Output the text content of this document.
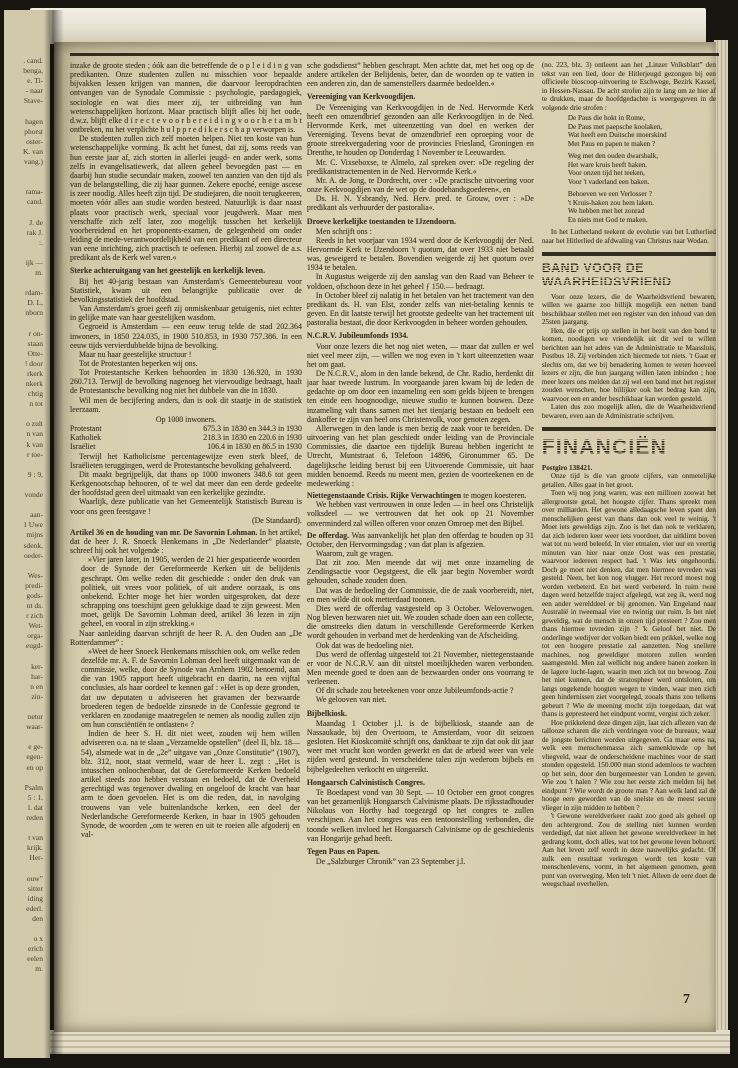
. cand.
benga,
e. Ti-
- naar
Stave-

hagen
phorst
oster-
K. van
vang.)

rama-
cand.

J. de
rak J.
:.

ijk —
m.

rdam-
D. L,
nborn

r on-
staan
Otte-
! door
rkerk
nkerk
chtig
n tot

o zult
n van
k van
r toe-

9 : 9,

vonde

aan-
1 Uwe
mijns
sdenk,
oeder-

Wes-
predi-
gods-
nt ds.
r zich
Wet-
orga-
eugd-

ker-
har-
n en
zin-

netor
waar-

e ge-
egen-
en op

Psalm
5 : 1.
l. dat
reden

t van
krijk.
Her-

ouw”
sitter
iding
ederl.
den

o x
erich
eelen
m.

inzake de groote steden ; óók aan die betreffende de o p l e i d i n g van predikanten. Onze studenten zullen nu misschien voor bepaalde bijvakken lessen krijgen van mannen, die daarvoor leeropdrachten ontvangen van de Synodale Commissie : psychologie, paedagogiek, sociologie en wat dies meer zij, ter uitbreiding van hun wetenschappelijken horizont. Maar practisch blijft alles bij het oude, d.w.z. blijft elke d i r e c t e v o o r b e r e i d i n g v o o r h e t a m b t ontbreken, nu het verplichte h u l p p r e d i k e r s c h a p verworpen is.

De studenten zullen zich zelf moeten helpen. Niet ten koste van hun wetenschappelijke vorming. Ik acht het funest, dat zij, soms reeds van hun eerste jaar af, zich storten in allerlei jeugd- en ander werk, soms zelfs in evangelisatiewerk, dat alleen geheel bevoegden past — en daarbij hun studie secundair maken, zoowel ten aanzien van den tijd als van de belangstelling, die zij haar gunnen. Zekere epoché, eenige ascese is zeer noodig. Alles heeft zijn tijd. De studiejaren, die nooit terugkeeren, moeten vóór alles aan studie worden besteed. Natuurlijk is daar naast plaats voor practisch werk, speciaal voor jeugdwerk. Maar men verschaffe zich zelf later, zoo mogelijk tusschen het kerkelijk voorbereidend en het proponents-examen, de gelegenheid om onder leiding de mede-verantwoordelijkheid van een predikant of een directeur van eene inrichting, zich practisch te oefenen. Hierbij zal zoowel de a.s. predikant als de Kerk wel varen.«

Sterke achteruitgang van het geestelijk en kerkelijk leven.

Bij het 40-jarig bestaan van Amsterdam's Gemeentebureau voor Statistiek, kwam uit een belangrijke publicatie over de bevolkingsstatistiek der hoofdstad.

Van Amsterdam's groei geeft zij onmiskenbaar getuigenis, niet echter in gelijke mate van haar geestelijken wasdom.

Gegroeid is Amsterdam — een eeuw terug telde de stad 202.364 inwoners, in 1850 224.035, in 1900 510.853, in 1930 757.386. In een eeuw tijds vervierdubbelde bijna de bevolking.

Maar nu haar geestelijke structuur !

Tot de Protestanten beperken wij ons.

Tot Protestantsche Kerken behoorden in 1830 136.920, in 1930 260.713. Terwijl de bevolking nagenoeg het viervoudige bedraagt, haalt de Protestantsche bevolking nog niet het dubbele van die in 1830.

Wil men de becijfering anders, dan is ook dit staatje in de statistiek leerzaam.

Op 1000 inwoners.

Protestant	675.3 in 1830 en 344.3 in 1930
Katholiek	218.3 in 1830 en 220.6 in 1930
Israëliet	106.4 in 1830 en 86.5 in 1930

Terwijl het Katholicisme percentagewijze even sterk bleef, de Israëlieten teruggingen, werd de Protestantsche bevolking gehalveerd.

Dit maakt begrijpelijk, dat thans op 1000 inwoners 348.6 tot geen Kerkgenootschap behooren, of te wel dat meer dan een derde gedeelte der hoofdstad geen deel uitmaakt van een kerkelijke gezindte.

Waarlijk, deze publicatie van het Gemeentelijk Statistisch Bureau is voor ons geen feestgave !

(De Standaard).

Artikel 36 en de houding van mr. De Savornin Lohman. In het artikel, dat de heer J. R. Snoeck Henkemans in „De Nederlander” plaatste, schreef hij ook het volgende :

»Vier jaren later, in 1905, werden de 21 hier gespatieerde woorden door de Synode der Gereformeerde Kerken uit de belijdenis geschrapt. Om welke reden dit geschiedde : onder den druk van politiek, uit vrees voor politiek, of uit andere oorzaak, is ons onbekend. Echter moge het hier worden uitgesproken, dat deze schrapping ons toeschijnt geen gelukkige daad te zijn geweest. Men moet, gelijk De Savornin Lohman deed, artikel 36 lezen in zijn geheel, en vooral in zijn strekking.«

Naar aanleiding daarvan schrijft de heer R. A. den Ouden aan „De Rotterdammer” :

»Weet de heer Snoeck Henkemans misschien ook, om welke reden dezelfde mr. A. F. de Savornin Lohman deel heeft uitgemaakt van de commissie, welke, door de Synode van Arnhem 1902 benoemd, aan die van 1905 rapport heeft uitgebracht en daarin, na een vijftal conclusies, als haar oordeel te kennen gaf : »Het is op deze gronden, dat uw deputaten u adviseeren het gravamen der bezwaarde broederen tegen de bedoelde zinsnede in de Confessie gegrond te verklaren en zoodanige maatregelen te nemen als noodig zullen zijn om hun consciëntiën te ontlasten« ?

Indien de heer S. H. dit niet weet, zouden wij hem willen adviseeren o.a. na te slaan „Verzamelde opstellen” (deel II, blz. 18—54), alsmede wat in de „2e” uitgave van „Onze Constitutie” (1907), blz. 312, noot, staat vermeld, waar de heer L. zegt : „Het is intusschen onloochenbaar, dat de Gereformeerde Kerken bedoeld artikel steeds zoo hebben verstaan en bedoeld, dat de Overheid gerechtigd was tegenover dwaling en ongeloof de kracht van haar arm te doen gevoelen. Het is om die reden, dat, in navolging trouwens van vele buitenlandsche kerken, een deel der Nederlandsche Gereformeerde Kerken, in haar in 1905 gehouden Synode, de woorden „om te weren en uit te roeien alle afgoderij en val-

sche godsdienst” hebben geschrapt. Men achtte dat, met het oog op de andere artikelen der Belijdenis, beter, dan de woorden op te vatten in een anderen zin, dan de samenstellers daarmée bedoelden.«

Vereeniging van Kerkvoogdijen.

De Vereeniging van Kerkvoogdijen in de Ned. Hervormde Kerk heeft een omzendbrief gezonden aan alle Kerkvoogdijen in de Ned. Hervormde Kerk, met uiteenzetting van doel en werken der Vereeniging. Tevens bevat de omzendbrief een oproeping voor de groote streekvergadering voor de provincies Friesland, Groningen en Drenthe, te houden op Donderdag 1 November te Leeuwarden.

Mr. C. Vixseboxse, te Almelo, zal spreken over: »De regeling der predikantstractementen in de Ned. Hervormde Kerk.«

Mr. A. de Jong, te Dordrecht, over : »De practische uitvoering voor onze Kerkvoogdijen van de wet op de doodehandsgoederen«, en

Ds. H. N. Ysbrandy, Ned. Herv. pred. te Grouw, over : »De predikant als verhuurder der pastoralia«.

Droeve kerkelijke toestanden te IJzendoorn.

Men schrijft ons :

Reeds in het voorjaar van 1934 werd door de Kerkvoogdij der Ned. Hervormde Kerk te IJzendoorn 't quotum, dat over 1933 niet betaald was, geweigerd te betalen. Bovendien weigerde zij het quotum over 1934 te betalen.

In Augustus weigerde zij den aanslag van den Raad van Beheer te voldoen, ofschoon deze in het geheel ƒ 150.— bedraagt.

In October bleef zij nalatig in het betalen van het tractement van den predikant ds. H. van Elst, zonder zelfs van niet-betaling kennis te geven. En dit laatste terwijl het grootste gedeelte van het tractement uit pastoralia bestaat, die door Kerkvoogden in beheer worden gehouden.

N.C.R.V. Jubileumfonds 1934.

Voor onze lezers die het nog niet weten, — maar dat zullen er wel niet veel meer zijn, — willen we nog even in 't kort uiteenzetten waar het om gaat.

De N.C.R.V., alom in den lande bekend, de Chr. Radio, herdenkt dit jaar haar tweede lustrum. In voorgaande jaren kwam bij de leden de gedachte op om door een inzameling een som gelds bijeen te brengen ten einde een hoognoodige, nieuwe studio te kunnen bouwen. Deze inzameling valt thans samen met het tienjarig bestaan en bedoelt een dankoffer te zijn van heel ons Christenvolk, voor genoten zegen.

Allerwegen in den lande is men bezig de zaak voor te bereiden. De uitvoering van het plan geschiedt onder leiding van de Provinciale Commissies, die daartoe een tijdelijk Bureau hebben ingericht te Utrecht, Muntstraat 6, Telefoon 14896, Gironummer 65. De dagelijksche leiding berust bij een Uitvoerende Commissie, uit haar midden benoemd. Reeds nu meent men, gezien de voorteekenen en de medewerking :

Niettegenstaande Crisis. Rijke Verwachtingen te mogen koesteren.

We hebben vast vertrouwen in onze leden — in heel ons Christelijk volksdeel — we vertrouwen dat het ook op 21 November onverminderd zal willen offeren voor onzen Omroep met den Bijbel.

De offerdag. Was aanvankelijk het plan den offerdag te houden op 31 October, den Hervormingsdag ; van dat plan is afgezien.

Waarom, zult ge vragen.

Dat zit zoo. Men meende dat wij met onze inzameling de Zendingsactie voor Oegstgeest, die elk jaar begin November wordt gehouden, schade zouden doen.

Dat was de bedoeling der Commissie, die de zaak voorbereidt, niet, en men wilde dit ook metterdaad toonen.

Dies werd de offerdag vastgesteld op 3 October. Weloverwogen. Nog bleven bezwaren niet uit. We zouden schade doen aan een collecte, die omstreeks dien datum in verschillende Gereformeerde Kerken wordt gehouden in verband met de herdenking van de Afscheiding.

Ook dat was de bedoeling niet.

Dus werd de offerdag uitgesteld tot 21 November, niettegenstaande er voor de N.C.R.V. aan dit uitstel moeilijkheden waren verbonden. Men meende goed te doen aan de bezwaarden onder ons voorrang te verleenen.

Of dit schade zou beteekenen voor onze Jubileumfonds-actie ?

We gelooven van niet.

Bijbelkiosk.

Maandag 1 October j.l. is de bijbelkiosk, staande aan de Nassaukade, bij den Overtoom, te Amsterdam, voor dit seizoen gesloten. Het Kioskcomité schrijft ons, dankbaar te zijn dat ook dit jaar weer met vrucht kon worden gewerkt en dat de arbeid weer van vele zijden werd gesteund. In verscheidene talen zijn wederom bijbels en bijbelgedeelten verkocht en uitgereikt.

Hongaarsch Calvinistisch Congres.

Te Boedapest vond van 30 Sept. — 10 October een groot congres van het gezamenlijk Hongaarsch Calvinisme plaats. De rijksstadhouder Nikolaus von Horthy had toegezegd op het congres te zullen verschijnen. Aan het congres was een tentoonstelling verbonden, die toonde welken invloed het Hongaarsch Calvinisme op de geschiedenis van Hongarije gehad heeft.

Tegen Paus en Papen.

De „Salzburger Chronik” van 23 September j.l.

(no. 223, blz. 3) ontleent aan het „Linzer Volksblatt” den tekst van een lied, door de Hitlerjeugd gezongen bij een officieele bioscoop-uitvoering te Eschwege, Bezirk Kassel, in Hessen-Nassau. De acht strofen zijn te lang om ze hier af te drukken, maar de hoofdgedachte is weergegeven in de volgende drie strofen :

De Paus die hokt in Rome,
De Paus met paepsche koolaken,
Wat heeft een Duitsche moerskind
Met Paus en papen te maken ?
Weg met den ouden dwarsbalk,
Het ware kruis heeft haken.
Voor onzen tijd het teeken,
Voor 't vaderland een baken.
Behoeven we een Verlosser ?
't Kruis-haken zou hem laken.
We hebben met het zonrad
En niets met God te maken.

In het Lutherland teekent de evolutie van het Lutherlied naar het Hitlerlied de afdwaling van Christus naar Wodan.

BAND VOOR DE WAARHEIDSVRIEND

Voor onze lezers, die de Waarheidsvriend bewaren, willen we gaarne zoo billijk mogelijk een netten band beschikbaar stellen met een register van den inhoud van den 25sten jaargang.

Hen, die er prijs op stellen in het bezit van den band te komen, noodigen we vriendelijk uit dit wel te willen berichten aan het adres van de Administratie te Maassluis, Postbus 18. Zij verbinden zich hiermede tot niets. 't Gaat er slechts om, dat we bij benadering komen te weten hoeveel lezers er zijn, die hun jaargang willen laten inbinden ; hoe meer lezers ons melden dat zij wel een band met het register zouden wenschen, hoe billijker ook het bedrag kan zijn, waarvoor een en ander beschikbaar kan worden gesteld.

Laten dus zoo mogelijk allen, die de Waarheidsvriend bewaren, even aan de Administratie schrijven.

FINANCIËN

Postgiro 138421.

Onze tijd is die van groote cijfers, van onmetelijke getallen. Alles gaat in het groot.

Toen wij nog jong waren, was een millioen zoowat het allergrootste getal, het hoogste cijfer. Thans spreekt men over milliarden. Het gewone alledaagsche leven spant den menschelijken geest van thans dan ook veel te weinig. 't Moet iets geweldigs zijn. Zoo is het dan ook te verklaren, dat zich iederen keer weer iets voordoet, dat uitklimt boven wat tot nu werd beleefd. In vier etmalen, vier uur en veertig minuten van hier naar onze Oost was een prestatie, waarvoor iedereen respect had. 't Was iets ongehoords. Doch ge moet niet denken, dat men hiermee tevreden was gesteld. Neen, het kon nog vlugger. Het record moest nog worden verbeterd. En het werd verbeterd. In ruim twee dagen werd hetzelfde traject afgelegd, wat zeg ik, werd nog een ander werelddeel er bij genomen. Van Engeland naar Australië in tweemaal vier en twintig uur ruim. Is het niet geweldig, wat de mensch in onzen tijd presteert ? Zou men thans hiermee tevreden zijn ? 'k Geloof het niet. De onderlinge wedijver der volken biedt een prikkel, welke nog tot een hoogere prestatie zal aanzetten. Nog snellere machines, nog geweldiger motoren zullen worden saamgesteld. Men zal wellicht nog andere banen zoeken in de lagere lucht-lagen, waarin men zich tot nu bewoog. Zou het niet kunnen, dat de stratospheer werd ontsloten, om langs ongekende hoogten wegen te vinden, waar men zich geen hindernissen ziet voorgelegd, zooals thans zoo telkens gebeurt ? Wie de meening mocht zijn toegedaan, dat wat thans is gepresteerd het eindpunt vormt, vergist zich zeker.

Hoe prikkelend deze dingen zijn, laat zich aflezen van de tallooze scharen die zich verdringen voor de bureaux, waar de jongste berichten worden uitgegeven. Ga maar eens na, welk een menschenmassa zich samenkluwde op het vliegveld, waar de onderscheidene machines voor de start stonden opgesteld. 150.000 man stond ademloos te wachten op het sein, door den burgemeester van Londen te geven. Wie zou 't halen ? Wie zou het eerste zich melden bij het eindpunt ? Wie wordt de groote man ? Aan welk land zal de hooge eere geworden van de snelste en de meest secure vlieger in zijn midden te hebben ?

't Gewone wereldverkeer raakt zoo goed als geheel op den achtergrond. Zou de stelling niet kunnen worden verdedigd, dat niet alleen het gewone wereldverkeer in het gedrang komt, doch alles, wat tot het gewone leven behoort. Aan het leven zelf wordt in deze nauwelijks gedacht. Of zulk een resultaat verkregen wordt ten koste van menschenlevens, vormt, in het algemeen genomen, geen punt van overweging. Men telt 't niet. Alleen de eere doet de weegschaal overhellen.

7
